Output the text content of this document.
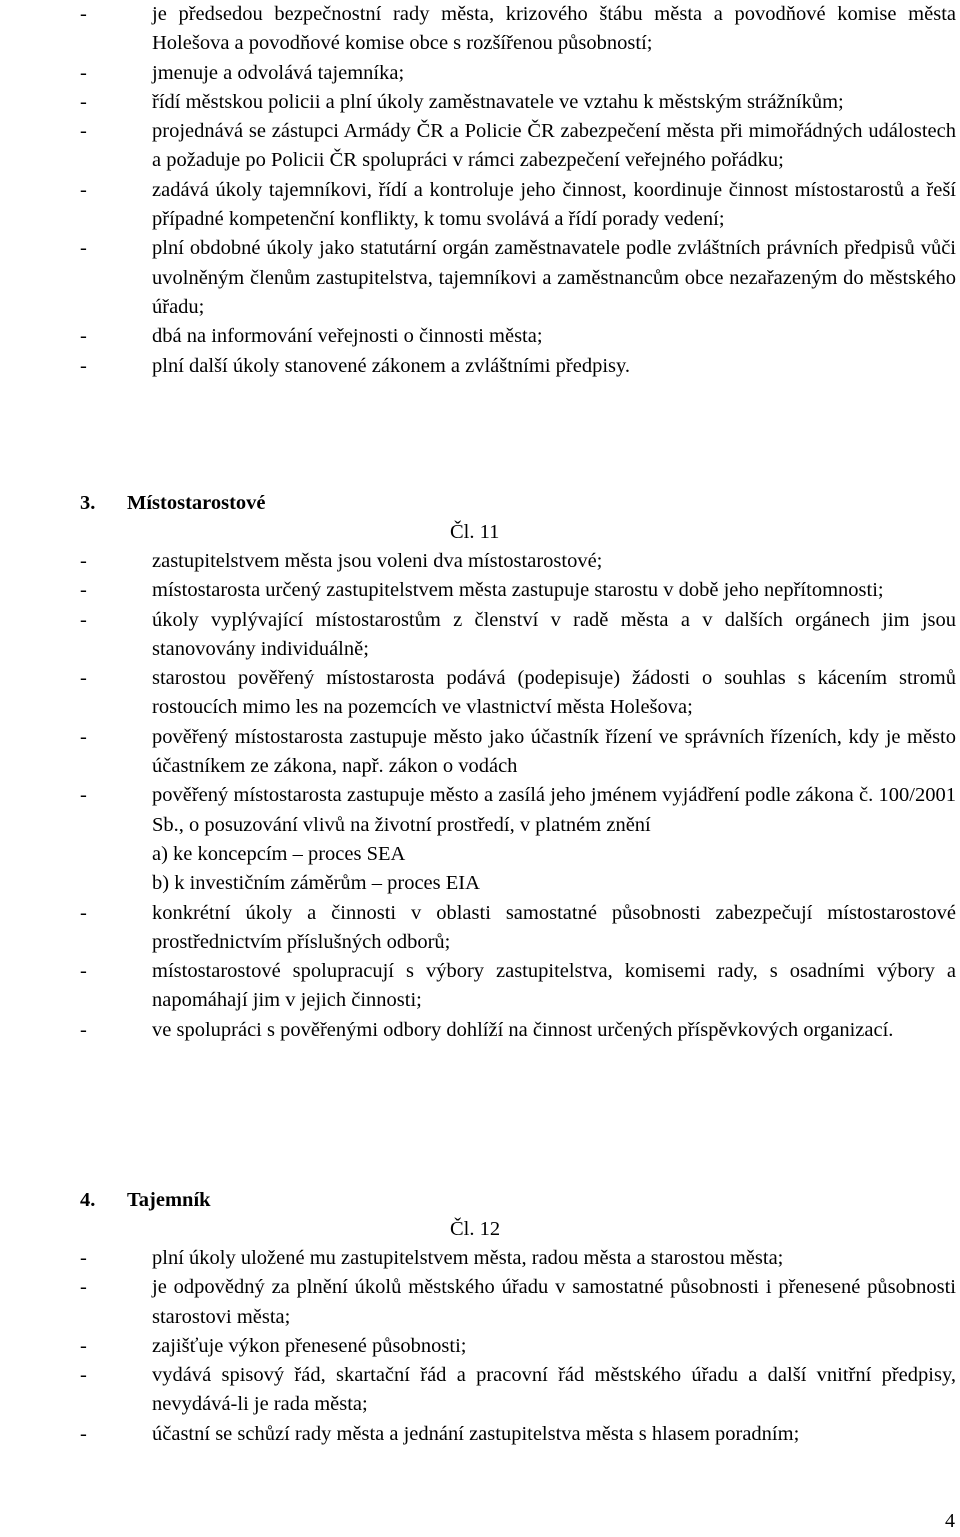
-	je předsedou bezpečnostní rady města, krizového štábu města a povodňové komise města Holešova a povodňové komise obce s rozšířenou působností;
-	jmenuje a odvolává tajemníka;
-	řídí městskou policii a plní úkoly zaměstnavatele ve vztahu k městským strážníkům;
-	projednává se zástupci Armády ČR a Policie ČR zabezpečení města při mimořádných událostech a požaduje po Policii ČR spolupráci v rámci zabezpečení veřejného pořádku;
-	zadává úkoly tajemníkovi, řídí a kontroluje jeho činnost, koordinuje činnost místostarostů a řeší případné kompetenční konflikty, k tomu svolává a řídí porady vedení;
-	plní obdobné úkoly jako statutární orgán zaměstnavatele podle zvláštních právních předpisů vůči uvolněným členům zastupitelstva, tajemníkovi a zaměstnancům obce nezařazeným do městského úřadu;
-	dbá na informování veřejnosti o činnosti města;
-	plní další úkoly stanovené zákonem a zvláštními předpisy.
3. Místostarostové
Čl. 11
-	zastupitelstvem města jsou voleni dva místostarostové;
-	místostarosta určený zastupitelstvem města zastupuje starostu v době jeho nepřítomnosti;
-	úkoly vyplývající místostarostům z členství v radě města a v dalších orgánech jim jsou stanovovány individuálně;
-	starostou pověřený místostarosta podává (podepisuje) žádosti o souhlas s kácením stromů rostoucích mimo les na pozemcích ve vlastnictví města Holešova;
-	pověřený místostarosta zastupuje město jako účastník řízení ve správních řízeních, kdy je město účastníkem ze zákona, např. zákon o vodách
-	pověřený místostarosta zastupuje město a zasílá jeho jménem vyjádření podle zákona č. 100/2001 Sb., o posuzování vlivů na životní prostředí, v platném znění
a) ke koncepcím – proces SEA
b) k investičním záměrům – proces EIA
-	konkrétní úkoly a činnosti v oblasti samostatné působnosti zabezpečují místostarostové prostřednictvím příslušných odborů;
-	místostarostové spolupracují s výbory zastupitelstva, komisemi rady, s osadními výbory a napomáhají jim v jejich činnosti;
-	ve spolupráci s pověřenými odbory dohlíží na činnost určených příspěvkových organizací.
4. Tajemník
Čl. 12
-	plní úkoly uložené mu zastupitelstvem města, radou města a starostou města;
-	je odpovědný za plnění úkolů městského úřadu v samostatné působnosti i přenesené působnosti starostovi města;
-	zajišťuje výkon přenesené působnosti;
-	vydává spisový řád, skartační řád a pracovní řád městského úřadu a další vnitřní předpisy, nevydává-li je rada města;
-	účastní se schůzí rady města a jednání zastupitelstva města s hlasem poradním;
4
